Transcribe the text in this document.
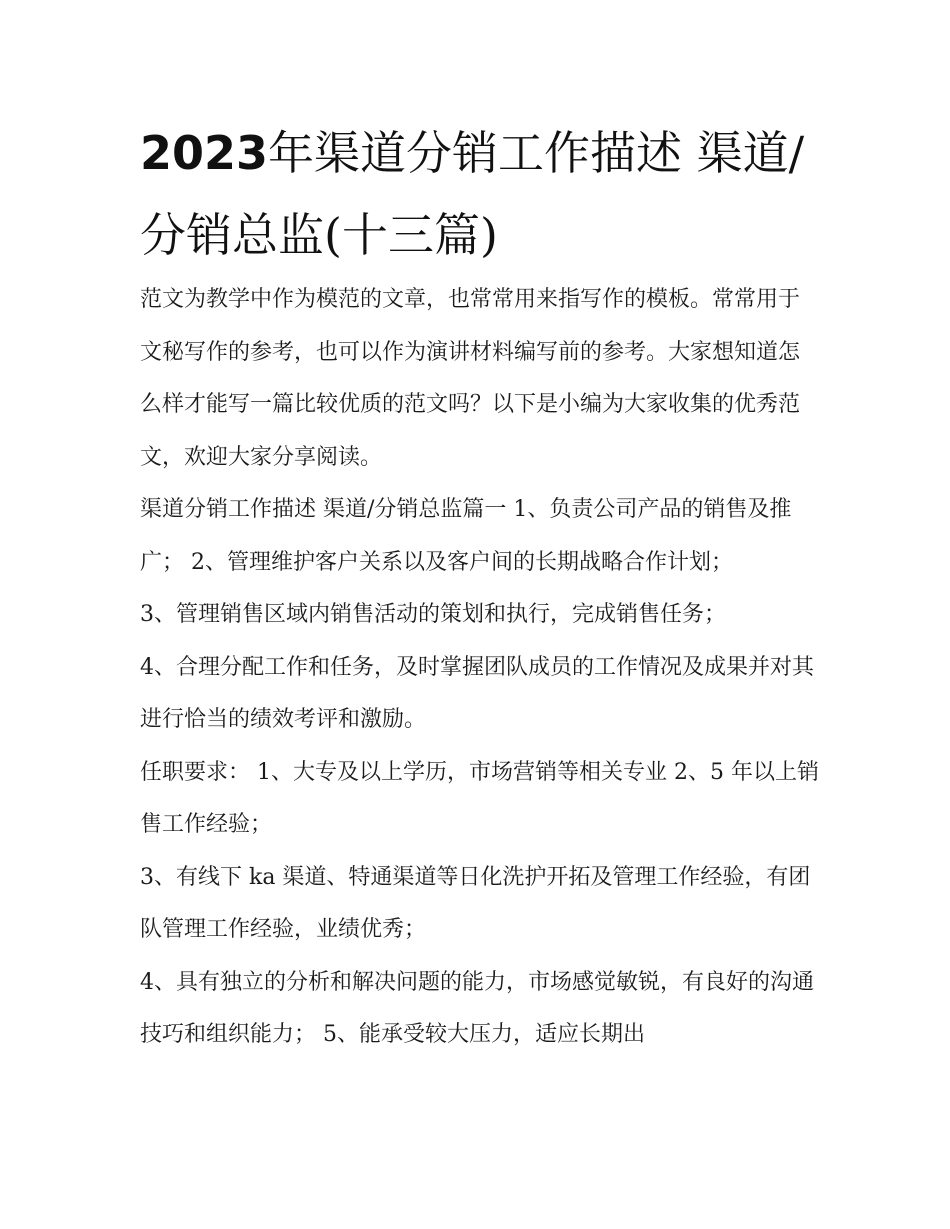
2023年渠道分销工作描述 渠道/分销总监(十三篇)

范文为教学中作为模范的文章，也常常用来指写作的模板。常常用于文秘写作的参考，也可以作为演讲材料编写前的参考。大家想知道怎么样才能写一篇比较优质的范文吗？以下是小编为大家收集的优秀范文，欢迎大家分享阅读。

渠道分销工作描述 渠道/分销总监篇一 1、负责公司产品的销售及推广； 2、管理维护客户关系以及客户间的长期战略合作计划；

3、管理销售区域内销售活动的策划和执行，完成销售任务；

4、合理分配工作和任务，及时掌握团队成员的工作情况及成果并对其进行恰当的绩效考评和激励。

任职要求： 1、大专及以上学历，市场营销等相关专业 2、5 年以上销售工作经验；

3、有线下 ka 渠道、特通渠道等日化洗护开拓及管理工作经验，有团队管理工作经验，业绩优秀；

4、具有独立的分析和解决问题的能力，市场感觉敏锐，有良好的沟通技巧和组织能力； 5、能承受较大压力，适应长期出
